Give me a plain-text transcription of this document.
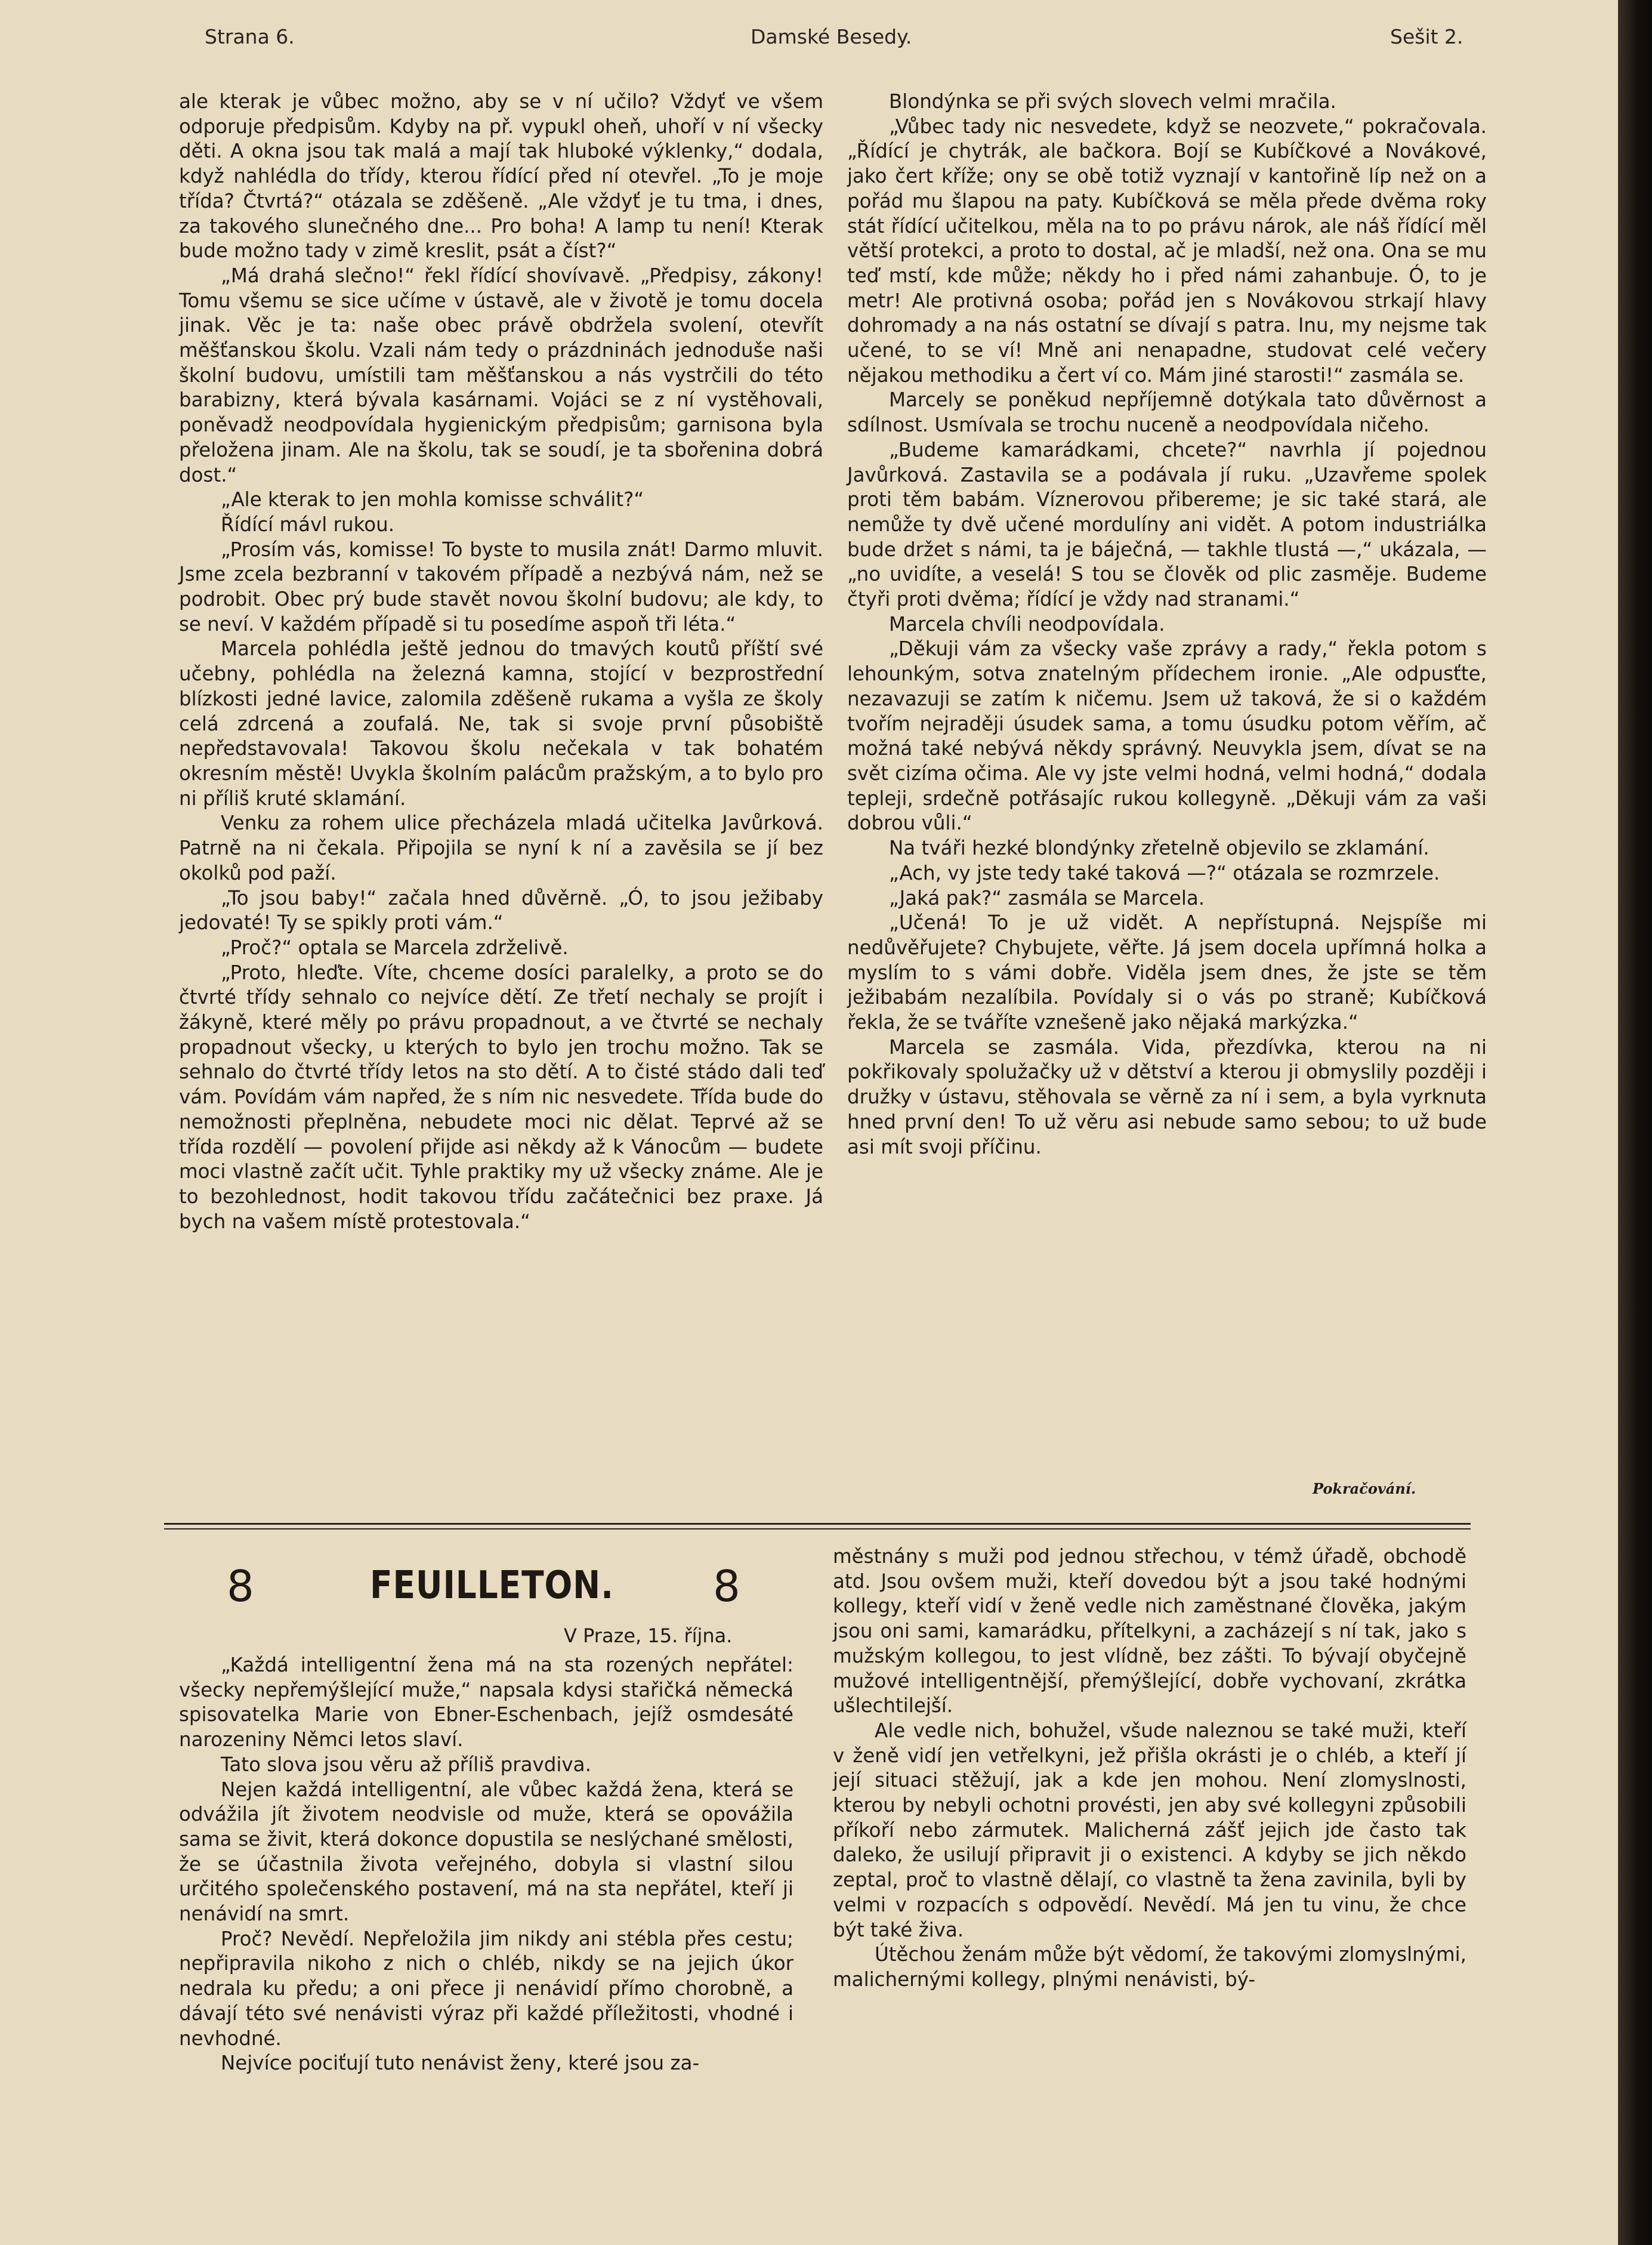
Strana 6.	Damské Besedy.	Sešit 2.

ale kterak je vůbec možno, aby se v ní učilo? Vždyť ve všem odporuje předpisům. Kdyby na př. vypukl oheň, uhoří v ní všecky děti. A okna jsou tak malá a mají tak hluboké výklenky,“ dodala, když nahlédla do třídy, kterou řídící před ní otevřel. „To je moje třída? Čtvrtá?“ otázala se zděšeně. „Ale vždyť je tu tma, i dnes, za takového slunečného dne... Pro boha! A lamp tu není! Kterak bude možno tady v zimě kreslit, psát a číst?“

„Má drahá slečno!“ řekl řídící shovívavě. „Předpisy, zákony! Tomu všemu se sice učíme v ústavě, ale v životě je tomu docela jinak. Věc je ta: naše obec právě obdržela svolení, otevřít měšťanskou školu. Vzali nám tedy o prázdninách jednoduše naši školní budovu, umístili tam měšťanskou a nás vystrčili do této barabizny, která bývala kasárnami. Vojáci se z ní vystěhovali, poněvadž neodpovídala hygienickým předpisům; garnisona byla přeložena jinam. Ale na školu, tak se soudí, je ta sbořenina dobrá dost.“

„Ale kterak to jen mohla komisse schválit?“

Řídící mávl rukou.

„Prosím vás, komisse! To byste to musila znát! Darmo mluvit. Jsme zcela bezbranní v takovém případě a nezbývá nám, než se podrobit. Obec prý bude stavět novou školní budovu; ale kdy, to se neví. V každém případě si tu posedíme aspoň tři léta.“

Marcela pohlédla ještě jednou do tmavých koutů příští své učebny, pohlédla na železná kamna, stojící v bezprostřední blízkosti jedné lavice, zalomila zděšeně rukama a vyšla ze školy celá zdrcená a zoufalá. Ne, tak si svoje první působiště nepředstavovala! Takovou školu nečekala v tak bohatém okresním městě! Uvykla školním palácům pražským, a to bylo pro ni příliš kruté sklamání.

Venku za rohem ulice přecházela mladá učitelka Javůrková. Patrně na ni čekala. Připojila se nyní k ní a zavěsila se jí bez okolků pod paží.

„To jsou baby!“ začala hned důvěrně. „Ó, to jsou ježibaby jedovaté! Ty se spikly proti vám.“

„Proč?“ optala se Marcela zdrželivě.

„Proto, hleďte. Víte, chceme dosíci paralelky, a proto se do čtvrté třídy sehnalo co nejvíce dětí. Ze třetí nechaly se projít i žákyně, které měly po právu propadnout, a ve čtvrté se nechaly propadnout všecky, u kterých to bylo jen trochu možno. Tak se sehnalo do čtvrté třídy letos na sto dětí. A to čisté stádo dali teď vám. Povídám vám napřed, že s ním nic nesvedete. Třída bude do nemožnosti přeplněna, nebudete moci nic dělat. Teprvé až se třída rozdělí — povolení přijde asi někdy až k Vánocům — budete moci vlastně začít učit. Tyhle praktiky my už všecky známe. Ale je to bezohlednost, hodit takovou třídu začátečnici bez praxe. Já bych na vašem místě protestovala.“

Blondýnka se při svých slovech velmi mračila.

„Vůbec tady nic nesvedete, když se neozvete,“ pokračovala. „Řídící je chytrák, ale bačkora. Bojí se Kubíčkové a Novákové, jako čert kříže; ony se obě totiž vyznají v kantořině líp než on a pořád mu šlapou na paty. Kubíčková se měla přede dvěma roky stát řídící učitelkou, měla na to po právu nárok, ale náš řídící měl větší protekci, a proto to dostal, ač je mladší, než ona. Ona se mu teď mstí, kde může; někdy ho i před námi zahanbuje. Ó, to je metr! Ale protivná osoba; pořád jen s Novákovou strkají hlavy dohromady a na nás ostatní se dívají s patra. Inu, my nejsme tak učené, to se ví! Mně ani nenapadne, studovat celé večery nějakou methodiku a čert ví co. Mám jiné starosti!“ zasmála se.

Marcely se poněkud nepříjemně dotýkala tato důvěrnost a sdílnost. Usmívala se trochu nuceně a neodpovídala ničeho.

„Budeme kamarádkami, chcete?“ navrhla jí pojednou Javůrková. Zastavila se a podávala jí ruku. „Uzavřeme spolek proti těm babám. Víznerovou přibereme; je sic také stará, ale nemůže ty dvě učené mordulíny ani vidět. A potom industriálka bude držet s námi, ta je báječná, — takhle tlustá —,“ ukázala, — „no uvidíte, a veselá! S tou se člověk od plic zasměje. Budeme čtyři proti dvěma; řídící je vždy nad stranami.“

Marcela chvíli neodpovídala.

„Děkuji vám za všecky vaše zprávy a rady,“ řekla potom s lehounkým, sotva znatelným přídechem ironie. „Ale odpusťte, nezavazuji se zatím k ničemu. Jsem už taková, že si o každém tvořím nejraději úsudek sama, a tomu úsudku potom věřím, ač možná také nebývá někdy správný. Neuvykla jsem, dívat se na svět cizíma očima. Ale vy jste velmi hodná, velmi hodná,“ dodala tepleji, srdečně potřásajíc rukou kollegyně. „Děkuji vám za vaši dobrou vůli.“

Na tváři hezké blondýnky zřetelně objevilo se zklamání.

„Ach, vy jste tedy také taková —?“ otázala se rozmrzele.

„Jaká pak?“ zasmála se Marcela.

„Učená! To je už vidět. A nepřístupná. Nejspíše mi nedůvěřujete? Chybujete, věřte. Já jsem docela upřímná holka a myslím to s vámi dobře. Viděla jsem dnes, že jste se těm ježibabám nezalíbila. Povídaly si o vás po straně; Kubíčková řekla, že se tváříte vznešeně jako nějaká markýzka.“

Marcela se zasmála. Vida, přezdívka, kterou na ni pokřikovaly spolužačky už v dětství a kterou ji obmyslily později i družky v ústavu, stěhovala se věrně za ní i sem, a byla vyrknuta hned první den! To už věru asi nebude samo sebou; to už bude asi mít svoji příčinu.

Pokračování.
8	FEUILLETON. 8
V Praze, 15. října.

„Každá intelligentní žena má na sta rozených nepřátel: všecky nepřemýšlející muže,“ napsala kdysi stařičká německá spisovatelka Marie von Ebner-Eschenbach, jejíž osmdesáté narozeniny Němci letos slaví.

Tato slova jsou věru až příliš pravdiva.

Nejen každá intelligentní, ale vůbec každá žena, která se odvážila jít životem neodvisle od muže, která se opovážila sama se živit, která dokonce dopustila se neslýchané smělosti, že se účastnila života veřejného, dobyla si vlastní silou určitého společenského postavení, má na sta nepřátel, kteří ji nenávidí na smrt.

Proč? Nevědí. Nepřeložila jim nikdy ani stébla přes cestu; nepřipravila nikoho z nich o chléb, nikdy se na jejich úkor nedrala ku předu; a oni přece ji nenávidí přímo chorobně, a dávají této své nenávisti výraz při každé příležitosti, vhodné i nevhodné.

Nejvíce pociťují tuto nenávist ženy, které jsou za-

městnány s muži pod jednou střechou, v témž úřadě, obchodě atd. Jsou ovšem muži, kteří dovedou být a jsou také hodnými kollegy, kteří vidí v ženě vedle nich zaměstnané člověka, jakým jsou oni sami, kamarádku, přítelkyni, a zacházejí s ní tak, jako s mužským kollegou, to jest vlídně, bez zášti. To bývají obyčejně mužové intelligentnější, přemýšlející, dobře vychovaní, zkrátka ušlechtilejší.

Ale vedle nich, bohužel, všude naleznou se také muži, kteří v ženě vidí jen vetřelkyni, jež přišla okrásti je o chléb, a kteří jí její situaci stěžují, jak a kde jen mohou. Není zlomyslnosti, kterou by nebyli ochotni provésti, jen aby své kollegyni způsobili příkoří nebo zármutek. Malicherná zášť jejich jde často tak daleko, že usilují připravit ji o existenci. A kdyby se jich někdo zeptal, proč to vlastně dělají, co vlastně ta žena zavinila, byli by velmi v rozpacích s odpovědí. Nevědí. Má jen tu vinu, že chce být také živa.

Útěchou ženám může být vědomí, že takovými zlomyslnými, malichernými kollegy, plnými nenávisti, bý-
